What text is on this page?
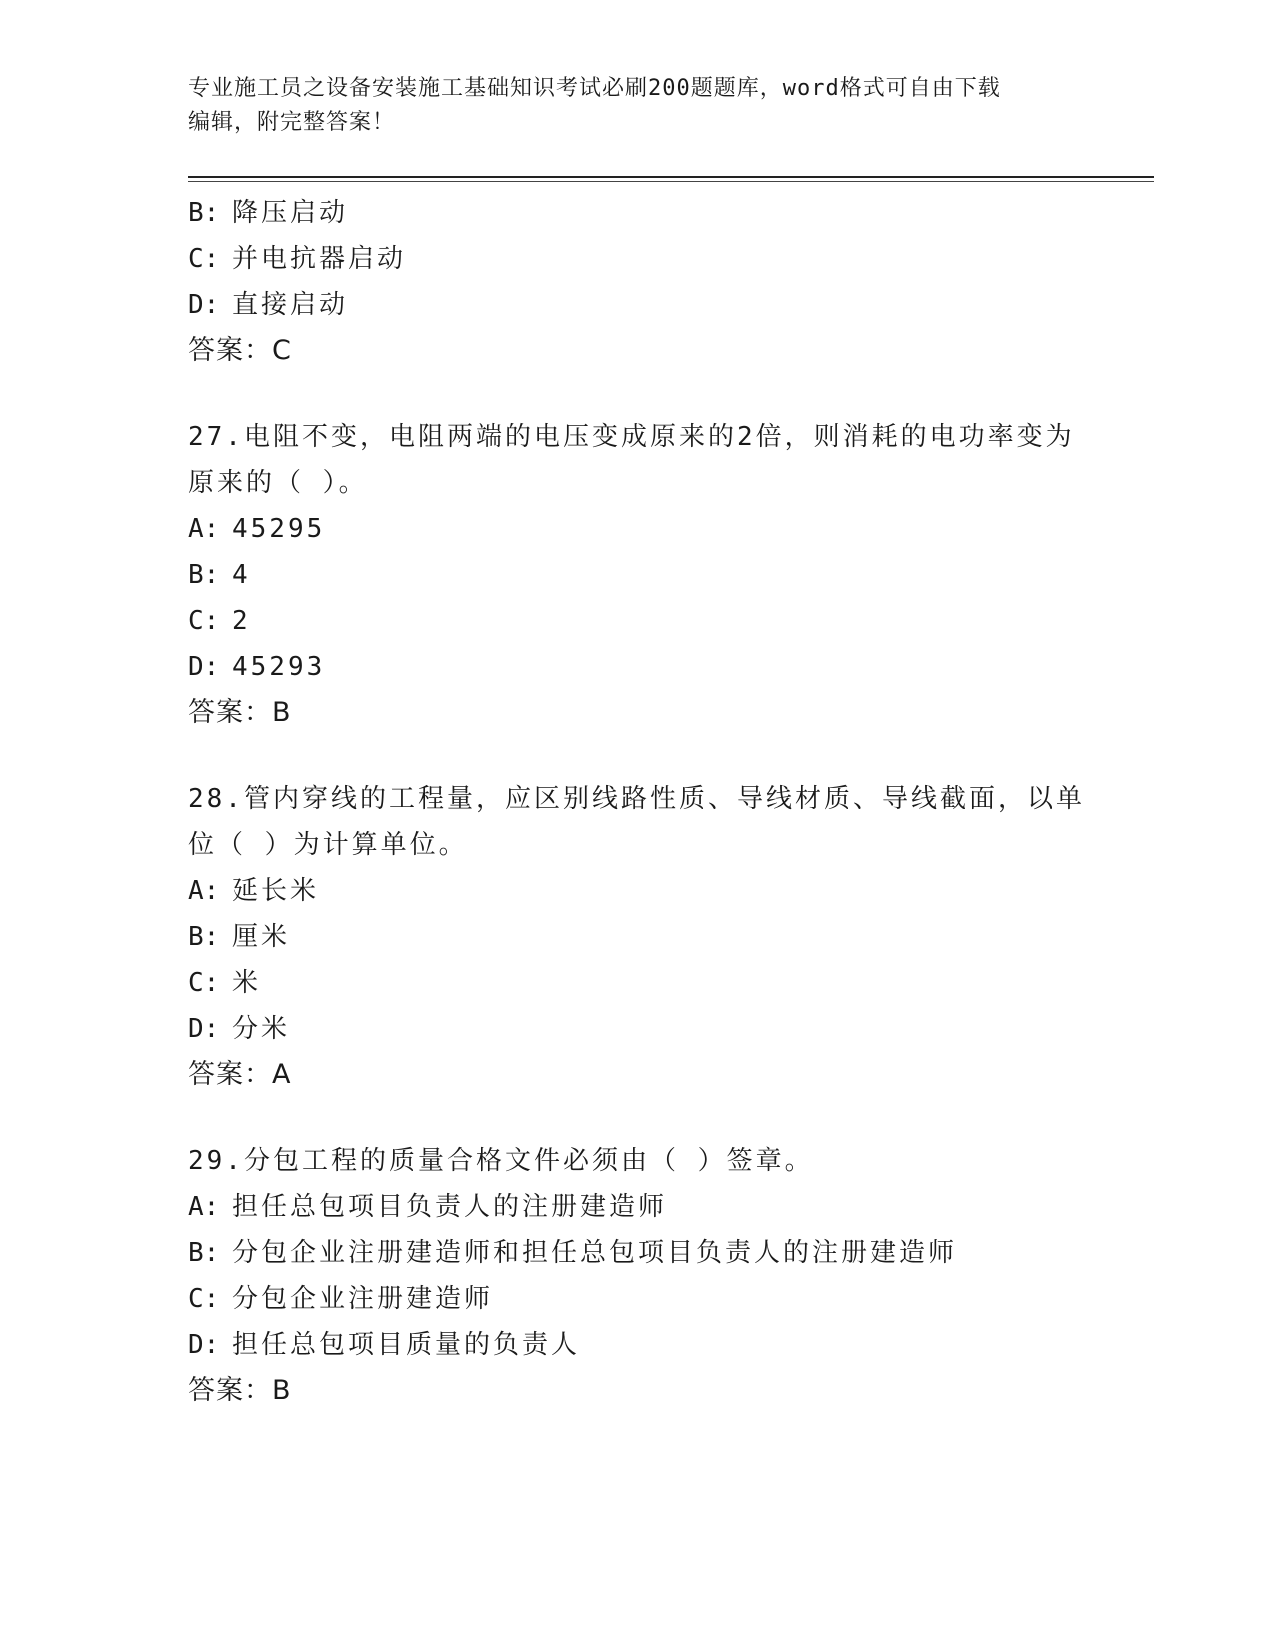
专业施工员之设备安装施工基础知识考试必刷200题题库，word格式可自由下载
编辑，附完整答案！
B: 降压启动
C: 并电抗器启动
D: 直接启动
答案：C
27.电阻不变，电阻两端的电压变成原来的2倍，则消耗的电功率变为
原来的（ ）。
A: 45295
B: 4
C: 2
D: 45293
答案：B
28.管内穿线的工程量，应区别线路性质、导线材质、导线截面，以单
位（ ）为计算单位。
A: 延长米
B: 厘米
C: 米
D: 分米
答案：A
29.分包工程的质量合格文件必须由（ ）签章。
A: 担任总包项目负责人的注册建造师
B: 分包企业注册建造师和担任总包项目负责人的注册建造师
C: 分包企业注册建造师
D: 担任总包项目质量的负责人
答案：B
